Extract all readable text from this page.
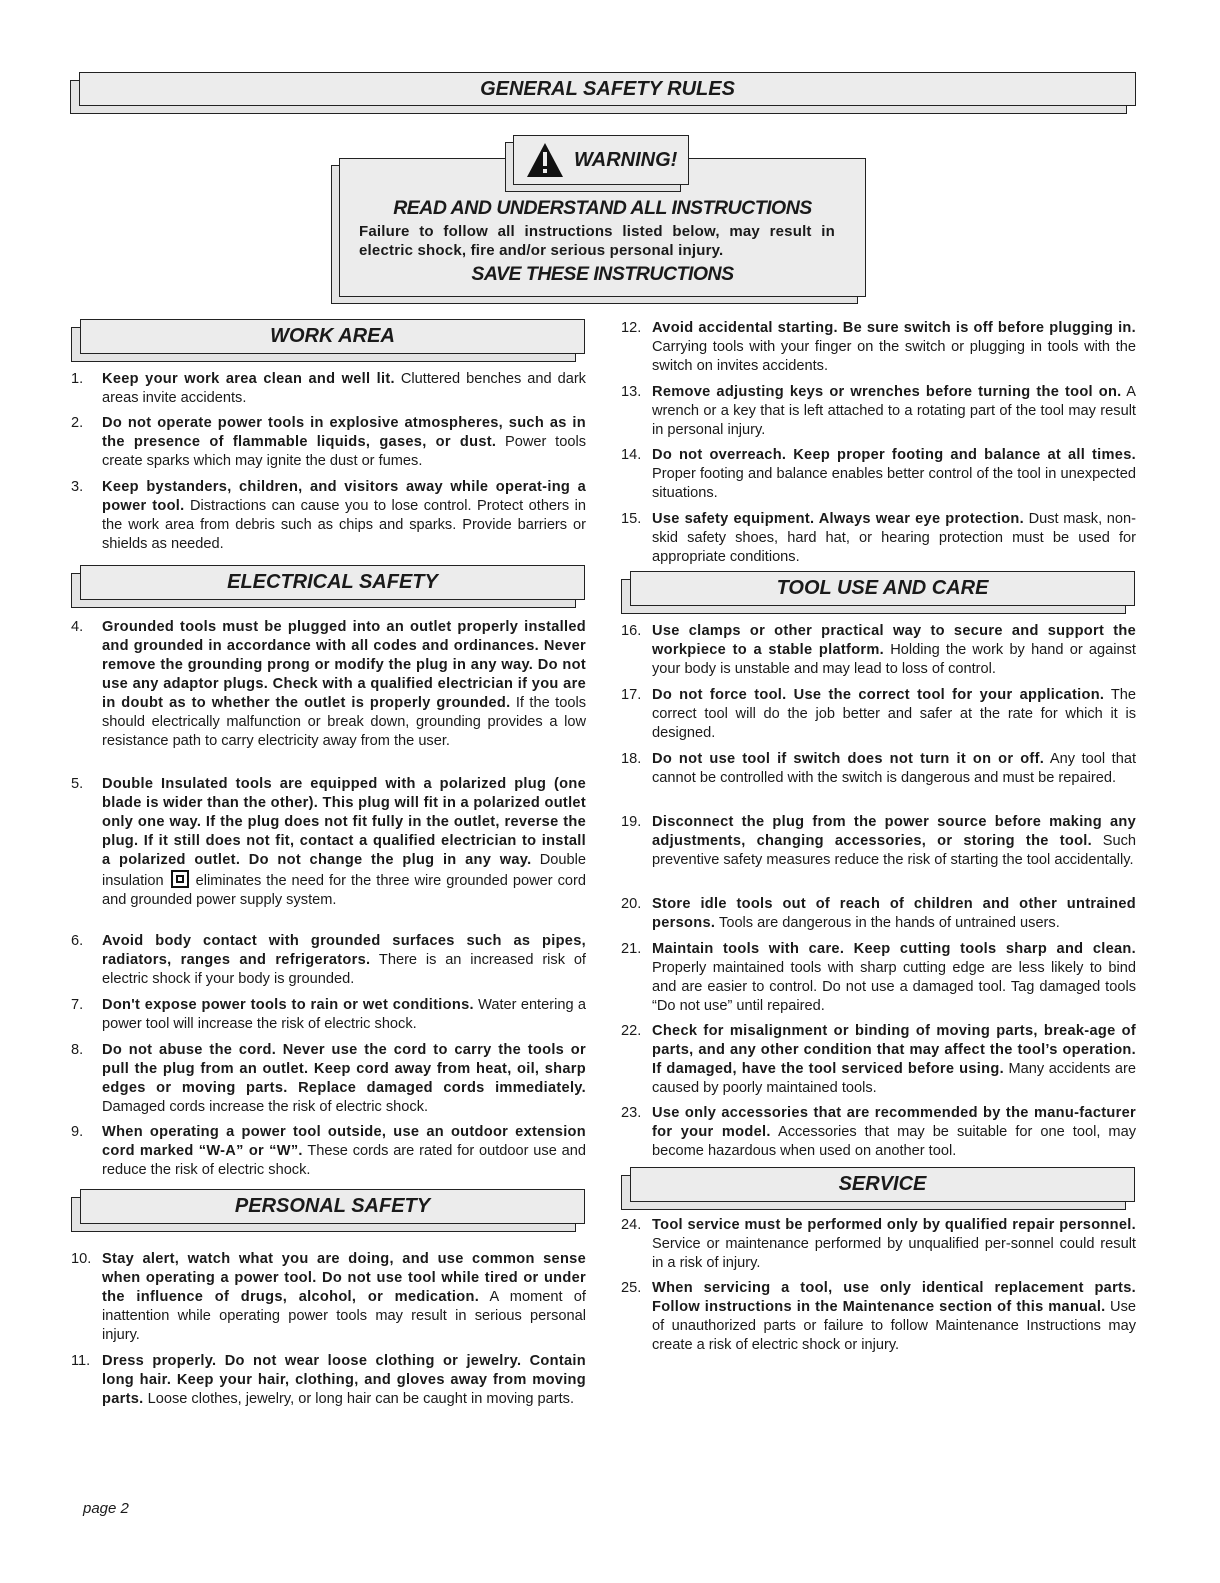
GENERAL SAFETY RULES
READ AND UNDERSTAND ALL INSTRUCTIONS
Failure to follow all instructions listed below, may result in electric shock, fire and/or serious personal injury.
SAVE THESE INSTRUCTIONS
WARNING!
WORK AREA
1. Keep your work area clean and well lit. Cluttered benches and dark areas invite accidents.
2. Do not operate power tools in explosive atmospheres, such as in the presence of flammable liquids, gases, or dust. Power tools create sparks which may ignite the dust or fumes.
3. Keep bystanders, children, and visitors away while operat-ing a power tool. Distractions can cause you to lose control. Protect others in the work area from debris such as chips and sparks. Provide barriers or shields as needed.
ELECTRICAL SAFETY
4. Grounded tools must be plugged into an outlet properly installed and grounded in accordance with all codes and ordinances. Never remove the grounding prong or modify the plug in any way. Do not use any adaptor plugs. Check with a qualified electrician if you are in doubt as to whether the outlet is properly grounded. If the tools should electrically malfunction or break down, grounding provides a low resistance path to carry electricity away from the user.
5. Double Insulated tools are equipped with a polarized plug (one blade is wider than the other). This plug will fit in a polarized outlet only one way. If the plug does not fit fully in the outlet, reverse the plug. If it still does not fit, contact a qualified electrician to install a polarized outlet. Do not change the plug in any way. Double insulation  eliminates the need for the three wire grounded power cord and grounded power supply system.
6. Avoid body contact with grounded surfaces such as pipes, radiators, ranges and refrigerators. There is an increased risk of electric shock if your body is grounded.
7. Don't expose power tools to rain or wet conditions. Water entering a power tool will increase the risk of electric shock.
8. Do not abuse the cord. Never use the cord to carry the tools or pull the plug from an outlet. Keep cord away from heat, oil, sharp edges or moving parts. Replace damaged cords immediately. Damaged cords increase the risk of electric shock.
9. When operating a power tool outside, use an outdoor extension cord marked “W-A” or “W”. These cords are rated for outdoor use and reduce the risk of electric shock.
PERSONAL SAFETY
10. Stay alert, watch what you are doing, and use common sense when operating a power tool. Do not use tool while tired or under the influence of drugs, alcohol, or medication. A moment of inattention while operating power tools may result in serious personal injury.
11. Dress properly. Do not wear loose clothing or jewelry. Contain long hair. Keep your hair, clothing, and gloves away from moving parts. Loose clothes, jewelry, or long hair can be caught in moving parts.
12. Avoid accidental starting. Be sure switch is off before plugging in. Carrying tools with your finger on the switch or plugging in tools with the switch on invites accidents.
13. Remove adjusting keys or wrenches before turning the tool on. A wrench or a key that is left attached to a rotating part of the tool may result in personal injury.
14. Do not overreach. Keep proper footing and balance at all times. Proper footing and balance enables better control of the tool in unexpected situations.
15. Use safety equipment. Always wear eye protection. Dust mask, non-skid safety shoes, hard hat, or hearing protection must be used for appropriate conditions.
TOOL USE AND CARE
16. Use clamps or other practical way to secure and support the workpiece to a stable platform. Holding the work by hand or against your body is unstable and may lead to loss of control.
17. Do not force tool. Use the correct tool for your application. The correct tool will do the job better and safer at the rate for which it is designed.
18. Do not use tool if switch does not turn it on or off. Any tool that cannot be controlled with the switch is dangerous and must be repaired.
19. Disconnect the plug from the power source before making any adjustments, changing accessories, or storing the tool. Such preventive safety measures reduce the risk of starting the tool accidentally.
20. Store idle tools out of reach of children and other untrained persons. Tools are dangerous in the hands of untrained users.
21. Maintain tools with care. Keep cutting tools sharp and clean. Properly maintained tools with sharp cutting edge are less likely to bind and are easier to control. Do not use a damaged tool. Tag damaged tools “Do not use” until repaired.
22. Check for misalignment or binding of moving parts, break-age of parts, and any other condition that may affect the tool’s operation. If damaged, have the tool serviced before using. Many accidents are caused by poorly maintained tools.
23. Use only accessories that are recommended by the manu-facturer for your model. Accessories that may be suitable for one tool, may become hazardous when used on another tool.
SERVICE
24. Tool service must be performed only by qualified repair personnel. Service or maintenance performed by unqualified per-sonnel could result in a risk of injury.
25. When servicing a tool, use only identical replacement parts. Follow instructions in the Maintenance section of this manual. Use of unauthorized parts or failure to follow Maintenance Instructions may create a risk of electric shock or injury.
page 2
